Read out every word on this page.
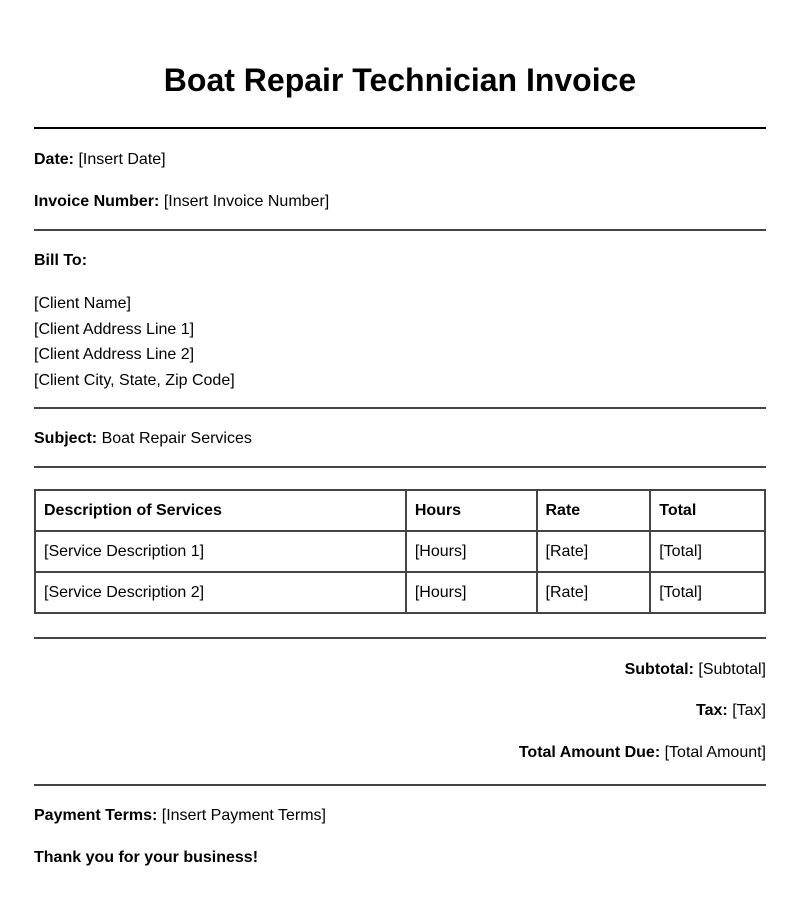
Boat Repair Technician Invoice
Date: [Insert Date]
Invoice Number: [Insert Invoice Number]
Bill To:
[Client Name]
[Client Address Line 1]
[Client Address Line 2]
[Client City, State, Zip Code]
Subject: Boat Repair Services
Description of Services	Hours	Rate	Total
[Service Description 1]	[Hours]	[Rate]	[Total]
[Service Description 2]	[Hours]	[Rate]	[Total]
Subtotal: [Subtotal]
Tax: [Tax]
Total Amount Due: [Total Amount]
Payment Terms: [Insert Payment Terms]
Thank you for your business!
